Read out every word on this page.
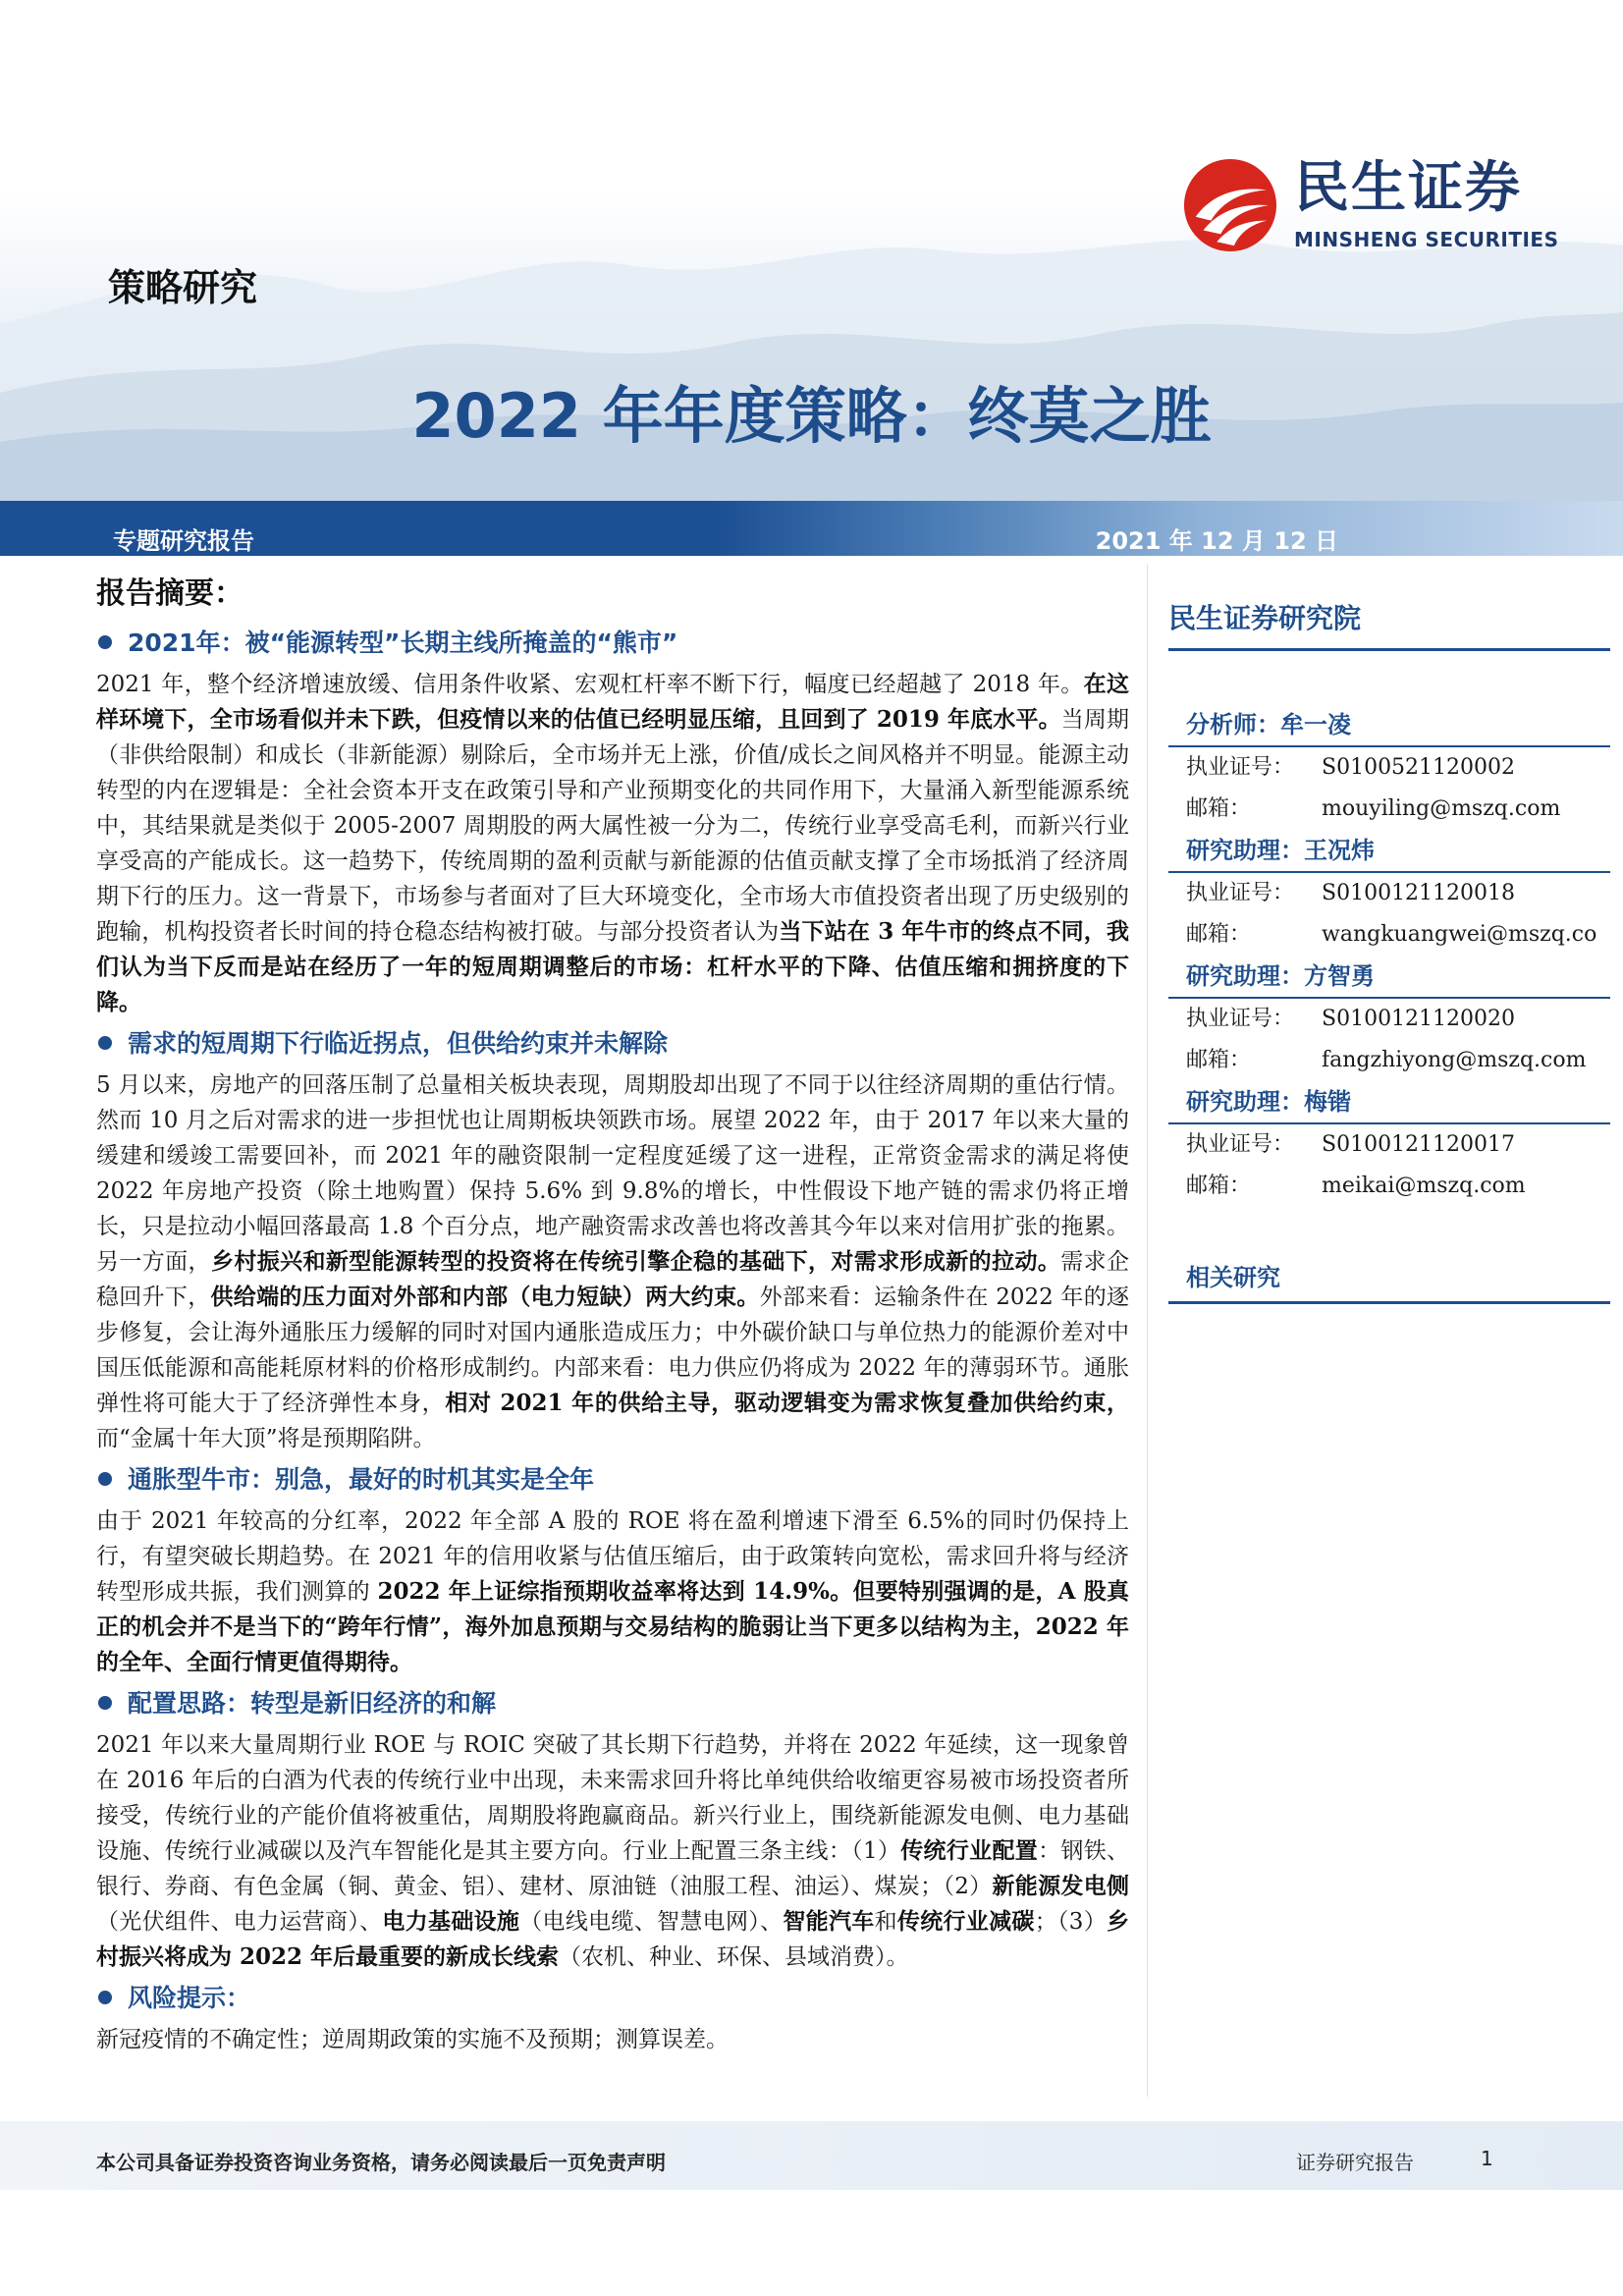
民生证券
MINSHENG SECURITIES
策略研究
2022 年年度策略：终莫之胜
专题研究报告	2021 年 12 月 12 日
报告摘要：
2021年：被“能源转型”长期主线所掩盖的“熊市”

2021 年，整个经济增速放缓、信用条件收紧、宏观杠杆率不断下行，幅度已经超越了 2018 年。在这样环境下，全市场看似并未下跌，但疫情以来的估值已经明显压缩，且回到了 2019 年底水平。当周期（非供给限制）和成长（非新能源）剔除后，全市场并无上涨，价值/成长之间风格并不明显。能源主动转型的内在逻辑是：全社会资本开支在政策引导和产业预期变化的共同作用下，大量涌入新型能源系统中，其结果就是类似于 2005-2007 周期股的两大属性被一分为二，传统行业享受高毛利，而新兴行业享受高的产能成长。这一趋势下，传统周期的盈利贡献与新能源的估值贡献支撑了全市场抵消了经济周期下行的压力。这一背景下，市场参与者面对了巨大环境变化，全市场大市值投资者出现了历史级别的跑输，机构投资者长时间的持仓稳态结构被打破。与部分投资者认为当下站在 3 年牛市的终点不同，我们认为当下反而是站在经历了一年的短周期调整后的市场：杠杆水平的下降、估值压缩和拥挤度的下降。

需求的短周期下行临近拐点，但供给约束并未解除

5 月以来，房地产的回落压制了总量相关板块表现，周期股却出现了不同于以往经济周期的重估行情。然而 10 月之后对需求的进一步担忧也让周期板块领跌市场。展望 2022 年，由于 2017 年以来大量的缓建和缓竣工需要回补，而 2021 年的融资限制一定程度延缓了这一进程，正常资金需求的满足将使 2022 年房地产投资（除土地购置）保持 5.6% 到 9.8%的增长，中性假设下地产链的需求仍将正增长，只是拉动小幅回落最高 1.8 个百分点，地产融资需求改善也将改善其今年以来对信用扩张的拖累。另一方面，乡村振兴和新型能源转型的投资将在传统引擎企稳的基础下，对需求形成新的拉动。需求企稳回升下，供给端的压力面对外部和内部（电力短缺）两大约束。外部来看：运输条件在 2022 年的逐步修复，会让海外通胀压力缓解的同时对国内通胀造成压力；中外碳价缺口与单位热力的能源价差对中国压低能源和高能耗原材料的价格形成制约。内部来看：电力供应仍将成为 2022 年的薄弱环节。通胀弹性将可能大于了经济弹性本身，相对 2021 年的供给主导，驱动逻辑变为需求恢复叠加供给约束，而“金属十年大顶”将是预期陷阱。

通胀型牛市：别急，最好的时机其实是全年

由于 2021 年较高的分红率，2022 年全部 A 股的 ROE 将在盈利增速下滑至 6.5%的同时仍保持上行，有望突破长期趋势。在 2021 年的信用收紧与估值压缩后，由于政策转向宽松，需求回升将与经济转型形成共振，我们测算的 2022 年上证综指预期收益率将达到 14.9%。但要特别强调的是，A 股真正的机会并不是当下的“跨年行情”，海外加息预期与交易结构的脆弱让当下更多以结构为主，2022 年的全年、全面行情更值得期待。

配置思路：转型是新旧经济的和解

2021 年以来大量周期行业 ROE 与 ROIC 突破了其长期下行趋势，并将在 2022 年延续，这一现象曾在 2016 年后的白酒为代表的传统行业中出现，未来需求回升将比单纯供给收缩更容易被市场投资者所接受，传统行业的产能价值将被重估，周期股将跑赢商品。新兴行业上，围绕新能源发电侧、电力基础设施、传统行业减碳以及汽车智能化是其主要方向。行业上配置三条主线：（1）传统行业配置：钢铁、银行、券商、有色金属（铜、黄金、铝）、建材、原油链（油服工程、油运）、煤炭；（2）新能源发电侧（光伏组件、电力运营商）、电力基础设施（电线电缆、智慧电网）、智能汽车和传统行业减碳；（3）乡村振兴将成为 2022 年后最重要的新成长线索（农机、种业、环保、县域消费）。

风险提示：
新冠疫情的不确定性；逆周期政策的实施不及预期；测算误差。
民生证券研究院
分析师：牟一凌
执业证号： S0100521120002
邮箱：	mouyiling@mszq.com
研究助理：王况炜
执业证号： S0100121120018
邮箱：	wangkuangwei@mszq.co
研究助理：方智勇
执业证号： S0100121120020
邮箱：	fangzhiyong@mszq.com
研究助理：梅锴
执业证号： S0100121120017
邮箱：	meikai@mszq.com
相关研究
本公司具备证券投资咨询业务资格，请务必阅读最后一页免责声明	证券研究报告	1
